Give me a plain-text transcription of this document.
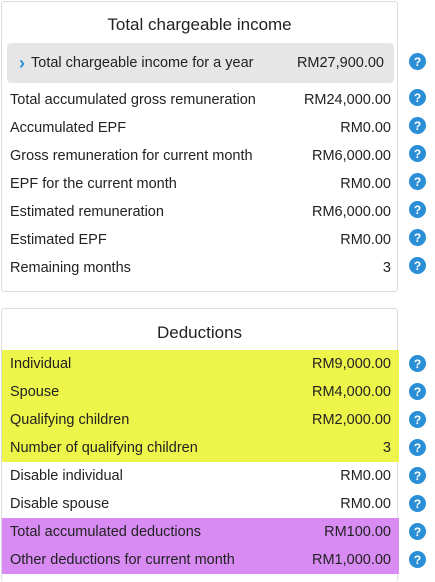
Total chargeable income
› Total chargeable income for a year	RM27,900.00
Total accumulated gross remuneration	RM24,000.00
Accumulated EPF	RM0.00
Gross remuneration for current month	RM6,000.00
EPF for the current month	RM0.00
Estimated remuneration	RM6,000.00
Estimated EPF	RM0.00
Remaining months	3
Deductions
Individual	RM9,000.00
Spouse	RM4,000.00
Qualifying children	RM2,000.00
Number of qualifying children	3
Disable individual	RM0.00
Disable spouse	RM0.00
Total accumulated deductions	RM100.00
Other deductions for current month	RM1,000.00
?
?
?
?
?
?
?
?
?
?
?
?
?
?
?
?
